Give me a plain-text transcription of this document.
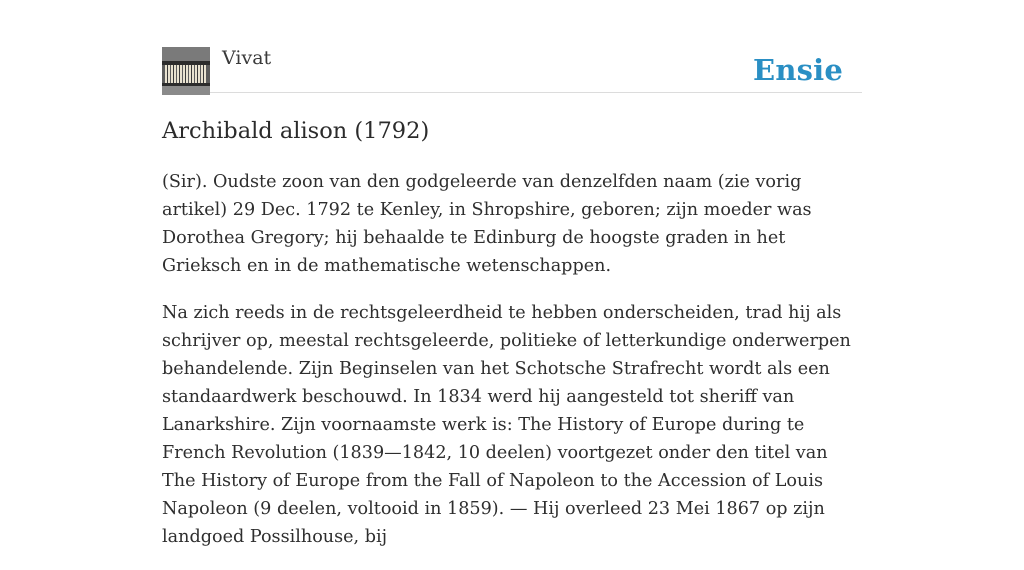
Vivat	Ensie
Archibald alison (1792)

(Sir). Oudste zoon van den godgeleerde van denzelfden naam (zie vorig artikel) 29 Dec. 1792 te Kenley, in Shropshire, geboren; zijn moeder was Dorothea Gregory; hij behaalde te Edinburg de hoogste graden in het Grieksch en in de mathematische wetenschappen.

Na zich reeds in de rechtsgeleerdheid te hebben onderscheiden, trad hij als schrijver op, meestal rechtsgeleerde, politieke of letterkundige onderwerpen behandelende. Zijn Beginselen van het Schotsche Strafrecht wordt als een standaardwerk beschouwd. In 1834 werd hij aangesteld tot sheriff van Lanarkshire. Zijn voornaamste werk is: The History of Europe during te French Revolution (1839—1842, 10 deelen) voortgezet onder den titel van The History of Europe from the Fall of Napoleon to the Accession of Louis Napoleon (9 deelen, voltooid in 1859). — Hij overleed 23 Mei 1867 op zijn landgoed Possilhouse, bij
